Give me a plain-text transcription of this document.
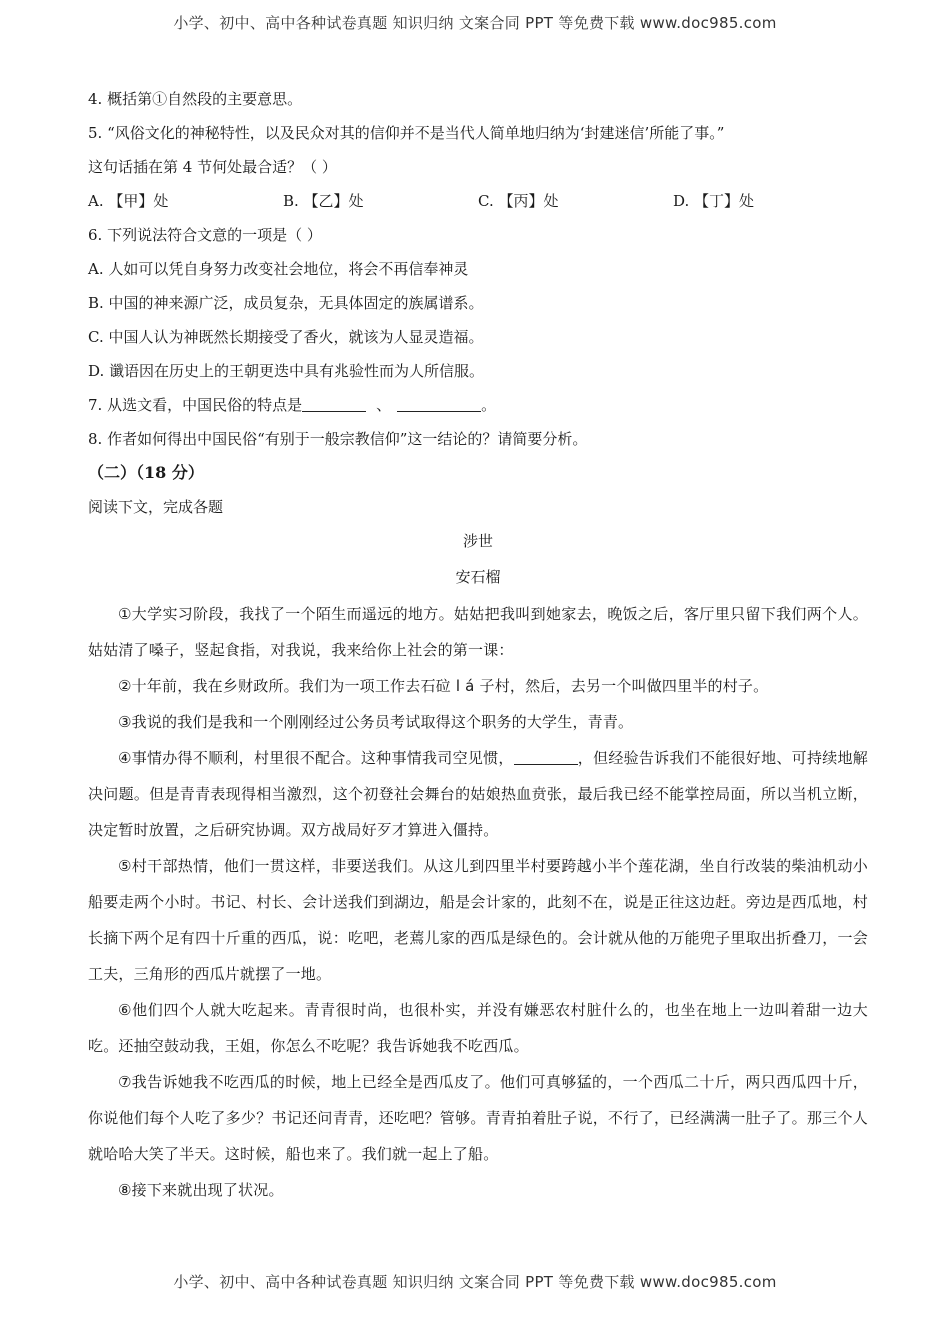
小学、初中、高中各种试卷真题 知识归纳 文案合同 PPT 等免费下载 www.doc985.com
4. 概括第①自然段的主要意思。
5. “风俗文化的神秘特性，以及民众对其的信仰并不是当代人简单地归纳为‘封建迷信’所能了事。”
这句话插在第 4 节何处最合适？（ ）
A. 【甲】处	B. 【乙】处	C. 【丙】处	D. 【丁】处
6. 下列说法符合文意的一项是（ ）
A. 人如可以凭自身努力改变社会地位，将会不再信奉神灵
B. 中国的神来源广泛，成员复杂，无具体固定的族属谱系。
C. 中国人认为神既然长期接受了香火，就该为人显灵造福。
D. 谶语因在历史上的王朝更迭中具有兆验性而为人所信服。
7. 从选文看，中国民俗的特点是	、	。
8. 作者如何得出中国民俗“有别于一般宗教信仰”这一结论的？请简要分析。
（二）（18 分）
阅读下文，完成各题
涉世
安石榴
①大学实习阶段，我找了一个陌生而遥远的地方。姑姑把我叫到她家去，晚饭之后，客厅里只留下我们两个人。姑姑清了嗓子，竖起食指，对我说，我来给你上社会的第一课：
②十年前，我在乡财政所。我们为一项工作去石砬 l á 子村，然后，去另一个叫做四里半的村子。
③我说的我们是我和一个刚刚经过公务员考试取得这个职务的大学生，青青。
④事情办得不顺利，村里很不配合。这种事情我司空见惯，	，但经验告诉我们不能很好地、可持续地解决问题。但是青青表现得相当激烈，这个初登社会舞台的姑娘热血贲张，最后我已经不能掌控局面，所以当机立断，决定暂时放置，之后研究协调。双方战局好歹才算进入僵持。
⑤村干部热情，他们一贯这样，非要送我们。从这儿到四里半村要跨越小半个莲花湖，坐自行改装的柴油机动小船要走两个小时。书记、村长、会计送我们到湖边，船是会计家的，此刻不在，说是正往这边赶。旁边是西瓜地，村长摘下两个足有四十斤重的西瓜，说：吃吧，老蔫儿家的西瓜是绿色的。会计就从他的万能兜子里取出折叠刀，一会工夫，三角形的西瓜片就摆了一地。
⑥他们四个人就大吃起来。青青很时尚，也很朴实，并没有嫌恶农村脏什么的，也坐在地上一边叫着甜一边大吃。还抽空鼓动我，王姐，你怎么不吃呢？我告诉她我不吃西瓜。
⑦我告诉她我不吃西瓜的时候，地上已经全是西瓜皮了。他们可真够猛的，一个西瓜二十斤，两只西瓜四十斤，你说他们每个人吃了多少？书记还问青青，还吃吧？管够。青青拍着肚子说，不行了，已经满满一肚子了。那三个人就哈哈大笑了半天。这时候，船也来了。我们就一起上了船。
⑧接下来就出现了状况。
小学、初中、高中各种试卷真题 知识归纳 文案合同 PPT 等免费下载 www.doc985.com
